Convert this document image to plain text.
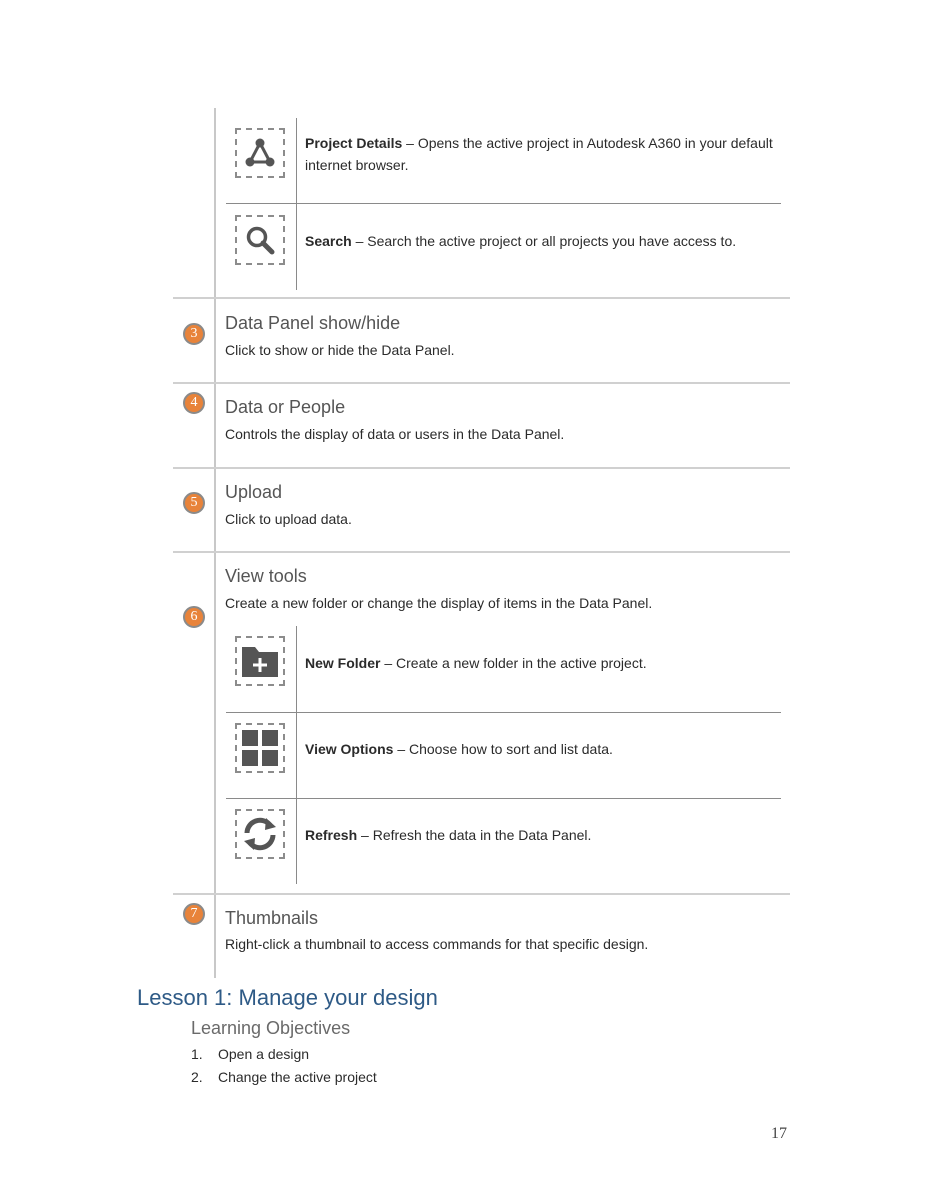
Project Details – Opens the active project in Autodesk A360 in your default internet browser.
Search – Search the active project or all projects you have access to.
3
Data Panel show/hide
Click to show or hide the Data Panel.
4	Data or People
Controls the display of data or users in the Data Panel.
5
Upload
Click to upload data.
6
View tools
Create a new folder or change the display of items in the Data Panel.
New Folder – Create a new folder in the active project.
View Options – Choose how to sort and list data.
Refresh – Refresh the data in the Data Panel.
7	Thumbnails
Right-click a thumbnail to access commands for that specific design.
Lesson 1: Manage your design
Learning Objectives
1. Open a design
2. Change the active project
17
